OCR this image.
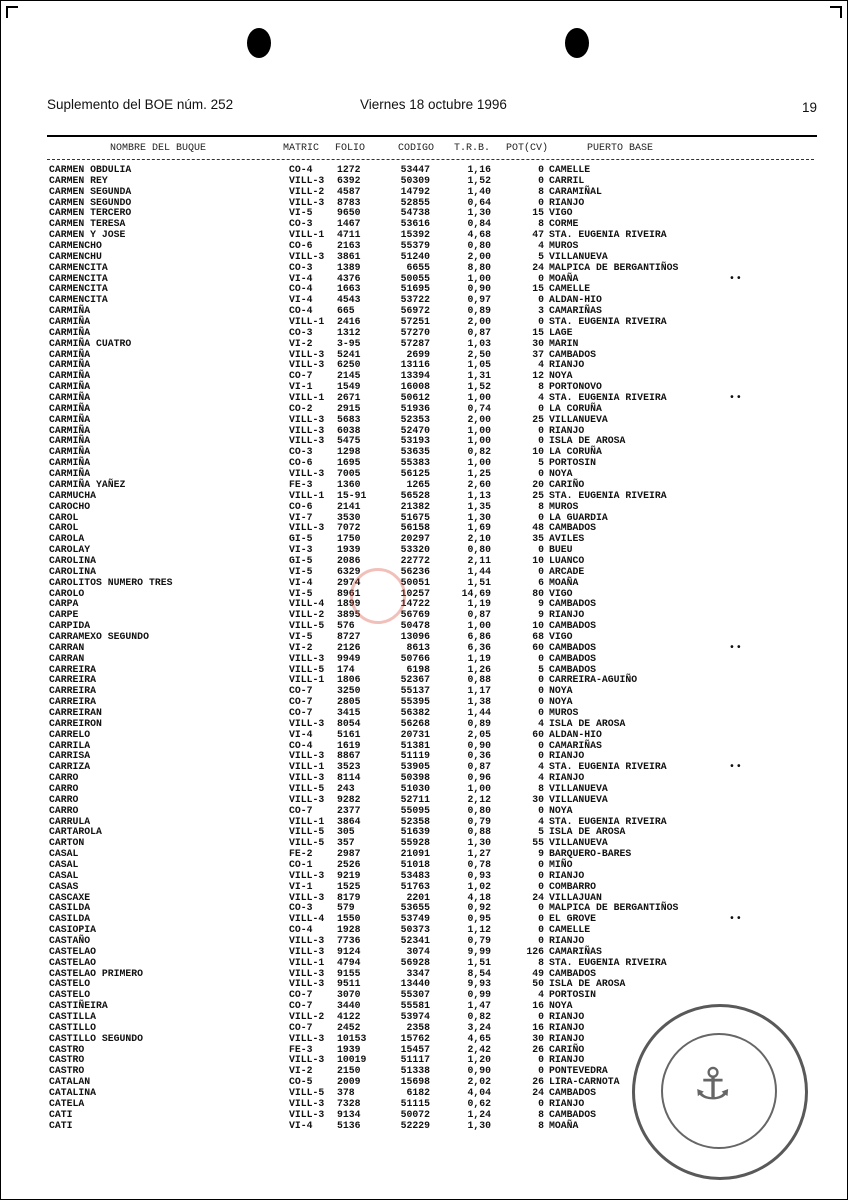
Suplemento del BOE núm. 252	Viernes 18 octubre 1996	19
NOMBRE DEL BUQUE	MATRIC FOLIO	CODIGO T.R.B. POT(CV)	PUERTO BASE
CARMEN OBDULIA	CO-4 1272	53447	1,16	0 CAMELLE
CARMEN REY	VILL-3 6392	50309	1,52	0 CARRIL
CARMEN SEGUNDA	VILL-2 4587	14792	1,40	8 CARAMIÑAL
CARMEN SEGUNDO	VILL-3 8783	52855	0,64	0 RIANJO
CARMEN TERCERO	VI-5 9650	54738	1,30	15 VIGO
CARMEN TERESA	CO-3 1467	53616	0,84	8 CORME
CARMEN Y JOSE	VILL-1 4711	15392	4,68	47 STA. EUGENIA RIVEIRA
CARMENCHO	CO-6 2163	55379	0,80	4 MUROS
CARMENCHU	VILL-3 3861	51240	2,00	5 VILLANUEVA
CARMENCITA	CO-3 1389	6655	8,80	24 MALPICA DE BERGANTIÑOS
CARMENCITA	VI-4 4376	50055	1,00	0 MOAÑA	••
CARMENCITA	CO-4 1663	51695	0,90	15 CAMELLE
CARMENCITA	VI-4 4543	53722	0,97	0 ALDAN-HIO
CARMIÑA	CO-4 665	56972	0,89	3 CAMARIÑAS
CARMIÑA	VILL-1 2416	57251	2,00	0 STA. EUGENIA RIVEIRA
CARMIÑA	CO-3 1312	57270	0,87	15 LAGE
CARMIÑA CUATRO	VI-2 3-95	57287	1,03	30 MARIN
CARMIÑA	VILL-3 5241	2699	2,50	37 CAMBADOS
CARMIÑA	VILL-3 6250	13116	1,05	4 RIANJO
CARMIÑA	CO-7 2145	13394	1,31	12 NOYA
CARMIÑA	VI-1 1549	16008	1,52	8 PORTONOVO
CARMIÑA	VILL-1 2671	50612	1,00	4 STA. EUGENIA RIVEIRA	••
CARMIÑA	CO-2 2915	51936	0,74	0 LA CORUÑA
CARMIÑA	VILL-3 5683	52353	2,00	25 VILLANUEVA
CARMIÑA	VILL-3 6038	52470	1,00	0 RIANJO
CARMIÑA	VILL-3 5475	53193	1,00	0 ISLA DE AROSA
CARMIÑA	CO-3 1298	53635	0,82	10 LA CORUÑA
CARMIÑA	CO-6 1695	55383	1,00	5 PORTOSIN
CARMIÑA	VILL-3 7005	56125	1,25	0 NOYA
CARMIÑA YAÑEZ	FE-3 1360	1265	2,60	20 CARIÑO
CARMUCHA	VILL-1 15-91	56528	1,13	25 STA. EUGENIA RIVEIRA
CAROCHO	CO-6 2141	21382	1,35	8 MUROS
CAROL	VI-7 3530	51675	1,30	0 LA GUARDIA
CAROL	VILL-3 7072	56158	1,69	48 CAMBADOS
CAROLA	GI-5 1750	20297	2,10	35 AVILES
CAROLAY	VI-3 1939	53320	0,80	0 BUEU
CAROLINA	GI-5 2086	22772	2,11	10 LUANCO
CAROLINA	VI-5 6329	56236	1,44	0 ARCADE
CAROLITOS NUMERO TRES	VI-4 2974	50051	1,51	6 MOAÑA
CAROLO	VI-5 8961	10257	14,69	80 VIGO
CARPA	VILL-4 1899	14722	1,19	9 CAMBADOS
CARPE	VILL-2 3895	56769	0,87	9 RIANJO
CARPIDA	VILL-5 576	50478	1,00	10 CAMBADOS
CARRAMEXO SEGUNDO	VI-5 8727	13096	6,86	68 VIGO
CARRAN	VI-2 2126	8613	6,36	60 CAMBADOS	••
CARRAN	VILL-3 9949	50766	1,19	0 CAMBADOS
CARREIRA	VILL-5 174	6198	1,26	5 CAMBADOS
CARREIRA	VILL-1 1806	52367	0,88	0 CARREIRA-AGUIÑO
CARREIRA	CO-7 3250	55137	1,17	0 NOYA
CARREIRA	CO-7 2805	55395	1,38	0 NOYA
CARREIRAN	CO-7 3415	56382	1,44	0 MUROS
CARREIRON	VILL-3 8054	56268	0,89	4 ISLA DE AROSA
CARRELO	VI-4 5161	20731	2,05	60 ALDAN-HIO
CARRILA	CO-4 1619	51381	0,90	0 CAMARIÑAS
CARRISA	VILL-3 8867	51119	0,36	0 RIANJO
CARRIZA	VILL-1 3523	53905	0,87	4 STA. EUGENIA RIVEIRA	••
CARRO	VILL-3 8114	50398	0,96	4 RIANJO
CARRO	VILL-5 243	51030	1,00	8 VILLANUEVA
CARRO	VILL-3 9282	52711	2,12	30 VILLANUEVA
CARRO	CO-7 2377	55095	0,80	0 NOYA
CARRULA	VILL-1 3864	52358	0,79	4 STA. EUGENIA RIVEIRA
CARTAROLA	VILL-5 305	51639	0,88	5 ISLA DE AROSA
CARTON	VILL-5 357	55928	1,30	55 VILLANUEVA
CASAL	FE-2 2987	21091	1,27	9 BARQUERO-BARES
CASAL	CO-1 2526	51018	0,78	0 MIÑO
CASAL	VILL-3 9219	53483	0,93	0 RIANJO
CASAS	VI-1 1525	51763	1,02	0 COMBARRO
CASCAXE	VILL-3 8179	2201	4,18	24 VILLAJUAN
CASILDA	CO-3 579	53655	0,92	0 MALPICA DE BERGANTIÑOS
CASILDA	VILL-4 1550	53749	0,95	0 EL GROVE	••
CASIOPIA	CO-4 1928	50373	1,12	0 CAMELLE
CASTAÑO	VILL-3 7736	52341	0,79	0 RIANJO
CASTELAO	VILL-3 9124	3074	9,99	126 CAMARIÑAS
CASTELAO	VILL-1 4794	56928	1,51	8 STA. EUGENIA RIVEIRA
CASTELAO PRIMERO	VILL-3 9155	3347	8,54	49 CAMBADOS
CASTELO	VILL-3 9511	13440	9,93	50 ISLA DE AROSA
CASTELO	CO-7 3070	55307	0,99	4 PORTOSIN
CASTIÑEIRA	CO-7 3440	55581	1,47	16 NOYA
CASTILLA	VILL-2 4122	53974	0,82	0 RIANJO
CASTILLO	CO-7 2452	2358	3,24	16 RIANJO
CASTILLO SEGUNDO	VILL-3 10153	15762	4,65	30 RIANJO
CASTRO	FE-3 1939	15457	2,42	26 CARIÑO
CASTRO	VILL-3 10019	51117	1,20	0 RIANJO
CASTRO	VI-2 2150	51338	0,90	0 PONTEVEDRA
CATALAN	CO-5 2009	15698	2,02	26 LIRA-CARNOTA
CATALINA	VILL-5 378	6182	4,04	24 CAMBADOS
CATELA	VILL-3 7328	51115	0,62	0 RIANJO
CATI	VILL-3 9134	50072	1,24	8 CAMBADOS
CATI	VI-4 5136	52229	1,30	8 MOAÑA
⚓
